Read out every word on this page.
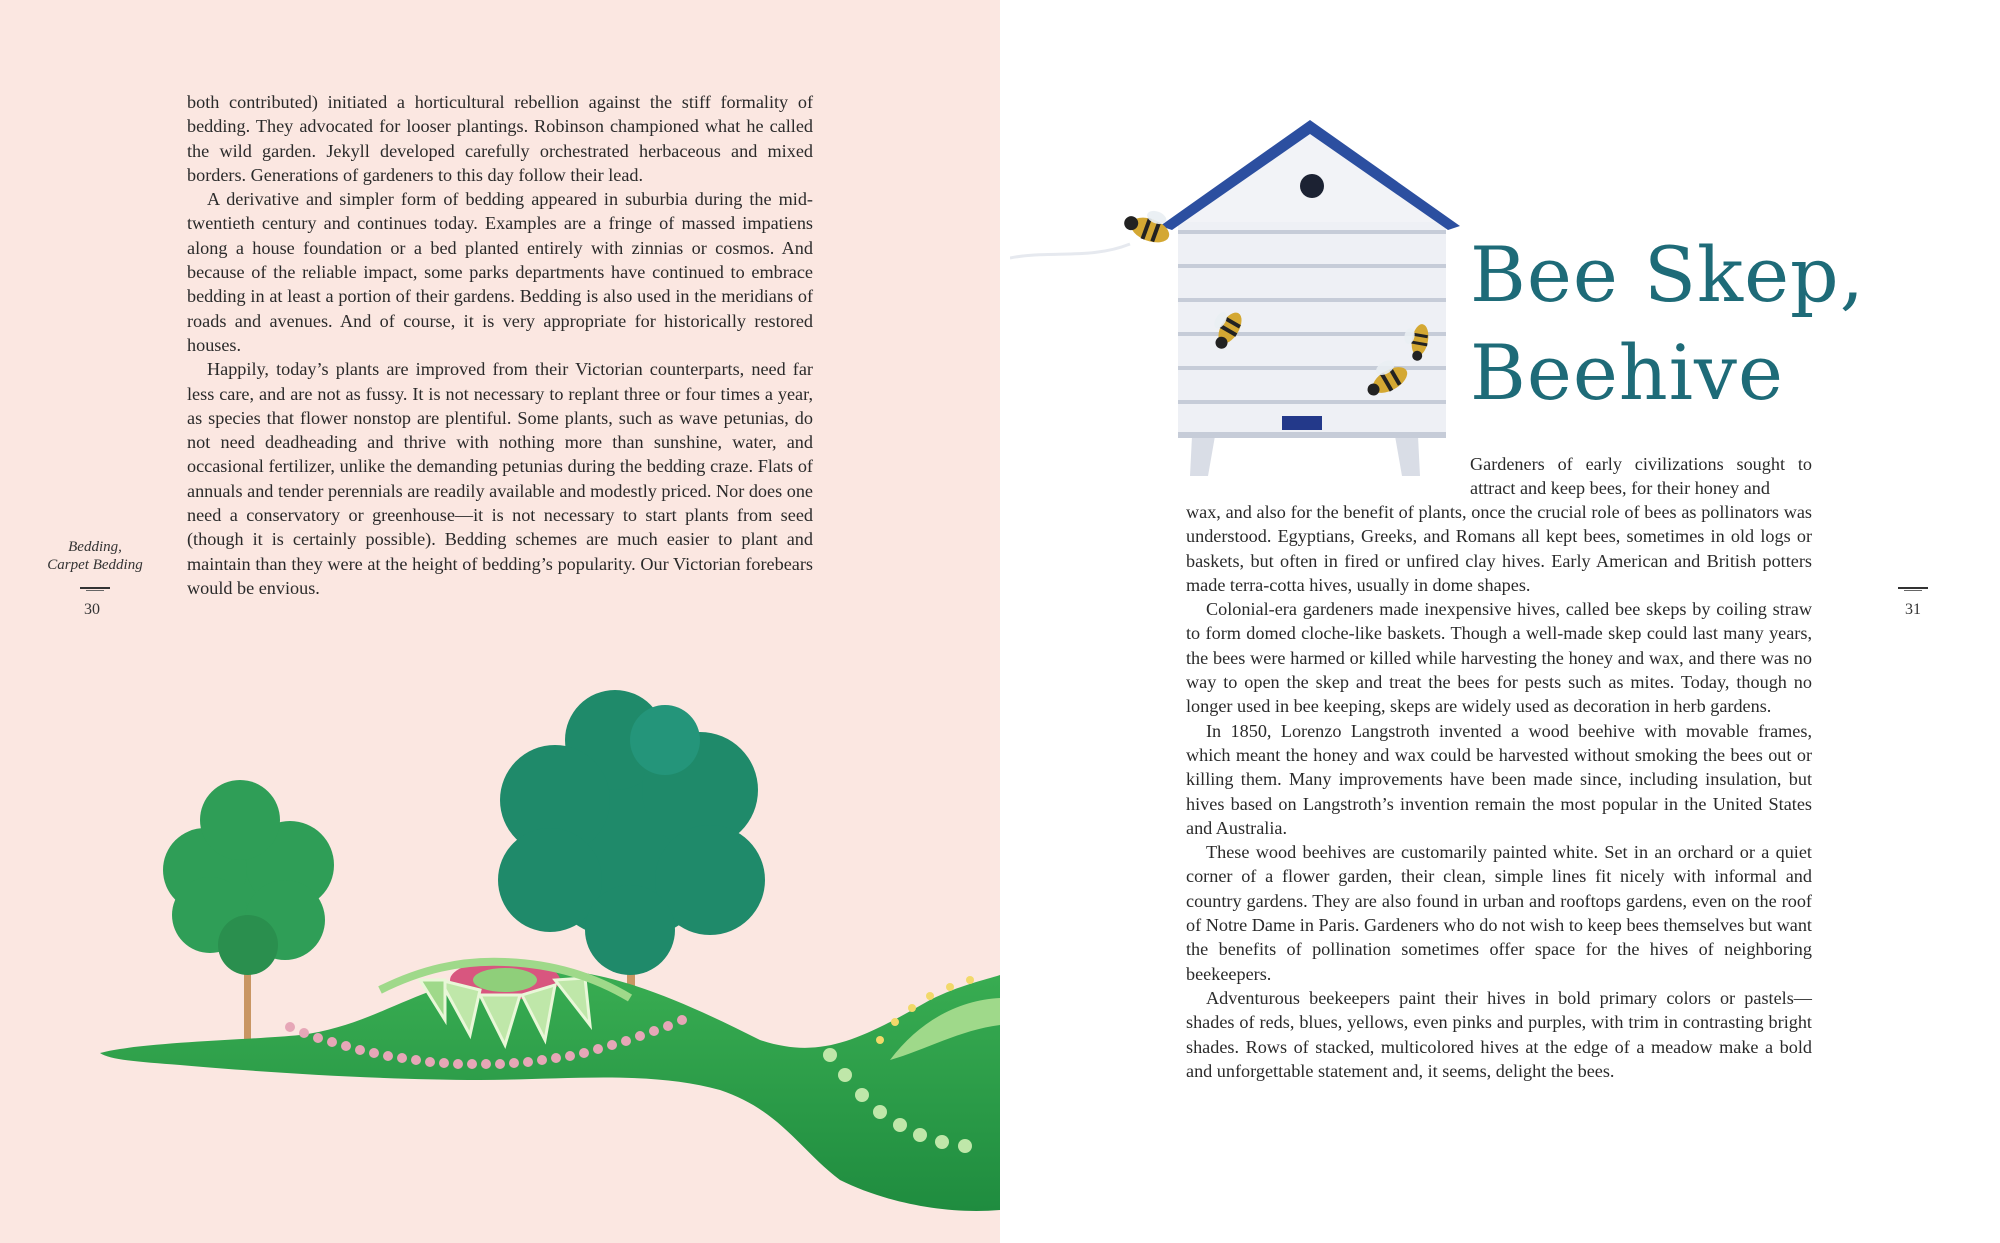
both contributed) initiated a horticultural rebellion against the stiff formality of bedding. They advocated for looser plantings. Robinson championed what he called the wild garden. Jekyll developed carefully orchestrated herbaceous and mixed borders. Generations of gardeners to this day follow their lead.

A derivative and simpler form of bedding appeared in suburbia during the mid-twentieth century and continues today. Examples are a fringe of massed impatiens along a house foundation or a bed planted entirely with zinnias or cosmos. And because of the reliable impact, some parks departments have continued to embrace bedding in at least a portion of their gardens. Bedding is also used in the meridians of roads and avenues. And of course, it is very appropriate for historically restored houses.

Happily, today’s plants are improved from their Victorian counterparts, need far less care, and are not as fussy. It is not necessary to replant three or four times a year, as species that flower nonstop are plentiful. Some plants, such as wave petunias, do not need deadheading and thrive with nothing more than sunshine, water, and occasional fertilizer, unlike the demanding petunias during the bedding craze. Flats of annuals and tender perennials are readily available and modestly priced. Nor does one need a conservatory or greenhouse—it is not necessary to start plants from seed (though it is certainly possible). Bedding schemes are much easier to plant and maintain than they were at the height of bedding’s popularity. Our Victorian forebears would be envious.

Bedding,
Carpet Bedding
30
Bee Skep,
Beehive

Gardeners of early civilizations sought to attract and keep bees, for their honey and

wax, and also for the benefit of plants, once the crucial role of bees as pollinators was understood. Egyptians, Greeks, and Romans all kept bees, sometimes in old logs or baskets, but often in fired or unfired clay hives. Early American and British potters made terra-cotta hives, usually in dome shapes.

Colonial-era gardeners made inexpensive hives, called bee skeps by coiling straw to form domed cloche-like baskets. Though a well-made skep could last many years, the bees were harmed or killed while harvesting the honey and wax, and there was no way to open the skep and treat the bees for pests such as mites. Today, though no longer used in bee keeping, skeps are widely used as decoration in herb gardens.

In 1850, Lorenzo Langstroth invented a wood beehive with movable frames, which meant the honey and wax could be harvested without smoking the bees out or killing them. Many improvements have been made since, including insulation, but hives based on Langstroth’s invention remain the most popular in the United States and Australia.

These wood beehives are customarily painted white. Set in an orchard or a quiet corner of a flower garden, their clean, simple lines fit nicely with informal and country gardens. They are also found in urban and rooftops gardens, even on the roof of Notre Dame in Paris. Gardeners who do not wish to keep bees themselves but want the benefits of pollination sometimes offer space for the hives of neighboring beekeepers.

Adventurous beekeepers paint their hives in bold primary colors or pastels—shades of reds, blues, yellows, even pinks and purples, with trim in contrasting bright shades. Rows of stacked, multicolored hives at the edge of a meadow make a bold and unforgettable statement and, it seems, delight the bees.

31
